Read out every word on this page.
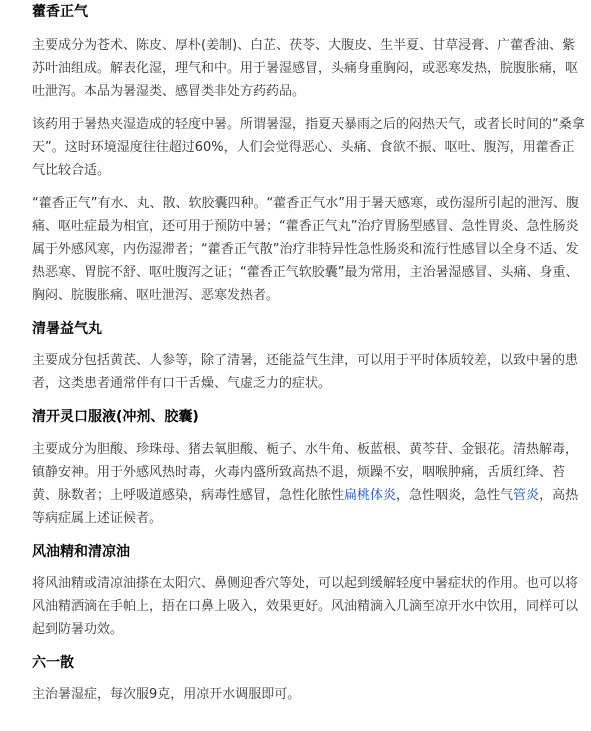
藿香正气

主要成分为苍术、陈皮、厚朴(姜制)、白芷、茯苓、大腹皮、生半夏、甘草浸膏、广藿香油、紫苏叶油组成。解表化湿，理气和中。用于暑湿感冒，头痛身重胸闷，或恶寒发热，脘腹胀痛，呕吐泄泻。本品为暑湿类、感冒类非处方药药品。

该药用于暑热夹湿造成的轻度中暑。所谓暑湿，指夏天暴雨之后的闷热天气，或者长时间的“桑拿天”。这时环境湿度往往超过60%，人们会觉得恶心、头痛、食欲不振、呕吐、腹泻，用藿香正气比较合适。

“藿香正气”有水、丸、散、软胶囊四种。“藿香正气水”用于暑天感寒，或伤湿所引起的泄泻、腹痛、呕吐症最为相宜，还可用于预防中暑；“藿香正气丸”治疗胃肠型感冒、急性胃炎、急性肠炎属于外感风寒，内伤湿滞者；“藿香正气散”治疗非特异性急性肠炎和流行性感冒以全身不适、发热恶寒、胃脘不舒、呕吐腹泻之证；“藿香正气软胶囊”最为常用，主治暑湿感冒、头痛、身重、胸闷、脘腹胀痛、呕吐泄泻、恶寒发热者。

清暑益气丸

主要成分包括黄芪、人参等，除了清暑，还能益气生津，可以用于平时体质较差，以致中暑的患者，这类患者通常伴有口干舌燥、气虚乏力的症状。

清开灵口服液(冲剂、胶囊)

主要成分为胆酸、珍珠母、猪去氧胆酸、栀子、水牛角、板蓝根、黄芩苷、金银花。清热解毒，镇静安神。用于外感风热时毒，火毒内盛所致高热不退，烦躁不安，咽喉肿痛，舌质红绛、苔黄、脉数者；上呼吸道感染，病毒性感冒，急性化脓性扁桃体炎，急性咽炎，急性气管炎，高热等病症属上述证候者。

风油精和清凉油

将风油精或清凉油搽在太阳穴、鼻侧迎香穴等处，可以起到缓解轻度中暑症状的作用。也可以将风油精洒滴在手帕上，捂在口鼻上吸入，效果更好。风油精滴入几滴至凉开水中饮用，同样可以起到防暑功效。

六一散

主治暑湿症，每次服9克，用凉开水调服即可。
